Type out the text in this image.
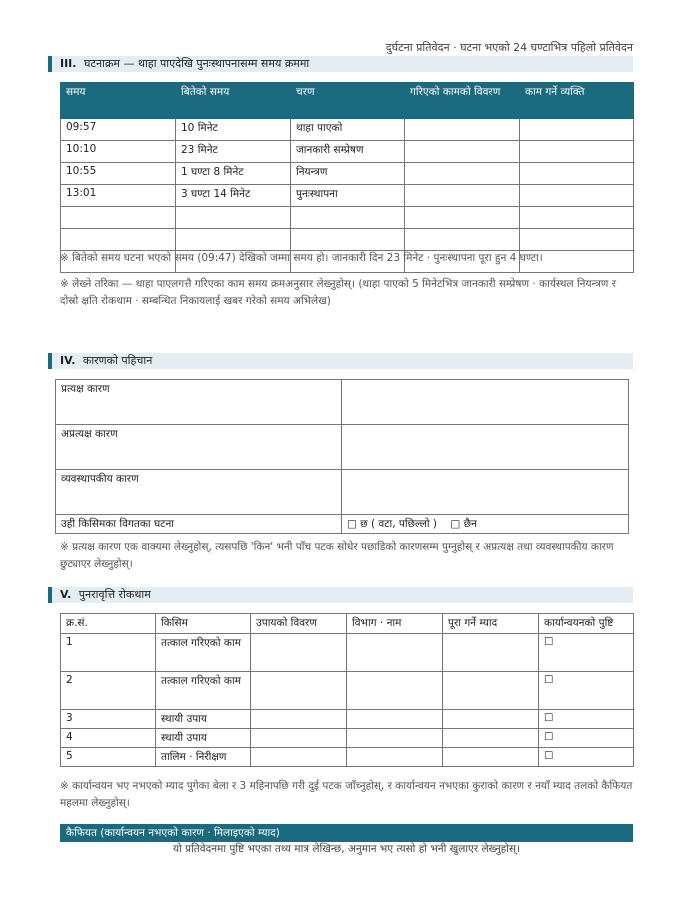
दुर्घटना प्रतिवेदन · घटना भएको 24 घण्टाभित्र पहिलो प्रतिवेदन
III. घटनाक्रम — थाहा पाएदेखि पुनःस्थापनासम्म समय क्रममा
समय	बितेको समय	चरण	गरिएको कामको विवरण	काम गर्ने व्यक्ति
09:57	10 मिनेट	थाहा पाएको		
10:10	23 मिनेट	जानकारी सम्प्रेषण		
10:55	1 घण्टा 8 मिनेट	नियन्त्रण		
13:01	3 घण्टा 14 मिनेट	पुनःस्थापना		

※ बितेको समय घटना भएको समय (09:47) देखिको जम्मा समय हो। जानकारी दिन 23 मिनेट · पुनःस्थापना पूरा हुन 4 घण्टा।
※ लेख्ने तरिका — थाहा पाएलगत्तै गरिएका काम समय क्रमअनुसार लेख्नुहोस्। (थाहा पाएको 5 मिनेटभित्र जानकारी सम्प्रेषण · कार्यस्थल नियन्त्रण र दोस्रो क्षति रोकथाम · सम्बन्धित निकायलाई खबर गरेको समय अभिलेख)
IV. कारणको पहिचान
प्रत्यक्ष कारण	
अप्रत्यक्ष कारण	
व्यवस्थापकीय कारण	
उही किसिमका विगतका घटना	□ छ ( वटा, पछिल्लो ) □ छैन
※ प्रत्यक्ष कारण एक वाक्यमा लेख्नुहोस्, त्यसपछि 'किन' भनी पाँच पटक सोधेर पछाडिको कारणसम्म पुग्नुहोस् र अप्रत्यक्ष तथा व्यवस्थापकीय कारण छुट्याएर लेख्नुहोस्।
V. पुनरावृत्ति रोकथाम
क्र.सं.	किसिम	उपायको विवरण	विभाग · नाम	पूरा गर्ने म्याद	कार्यान्वयनको पुष्टि
1	तत्काल गरिएको काम				☐
2	तत्काल गरिएको काम				☐
3	स्थायी उपाय				☐
4	स्थायी उपाय				☐
5	तालिम · निरीक्षण				☐
※ कार्यान्वयन भए नभएको म्याद पुगेका बेला र 3 महिनापछि गरी दुई पटक जाँच्नुहोस्, र कार्यान्वयन नभएका कुराको कारण र नयाँ म्याद तलको कैफियत महलमा लेख्नुहोस्।
कैफियत (कार्यान्वयन नभएको कारण · मिलाइएको म्याद)
यो प्रतिवेदनमा पुष्टि भएका तथ्य मात्र लेखिन्छ, अनुमान भए त्यसो हो भनी खुलाएर लेख्नुहोस्।
